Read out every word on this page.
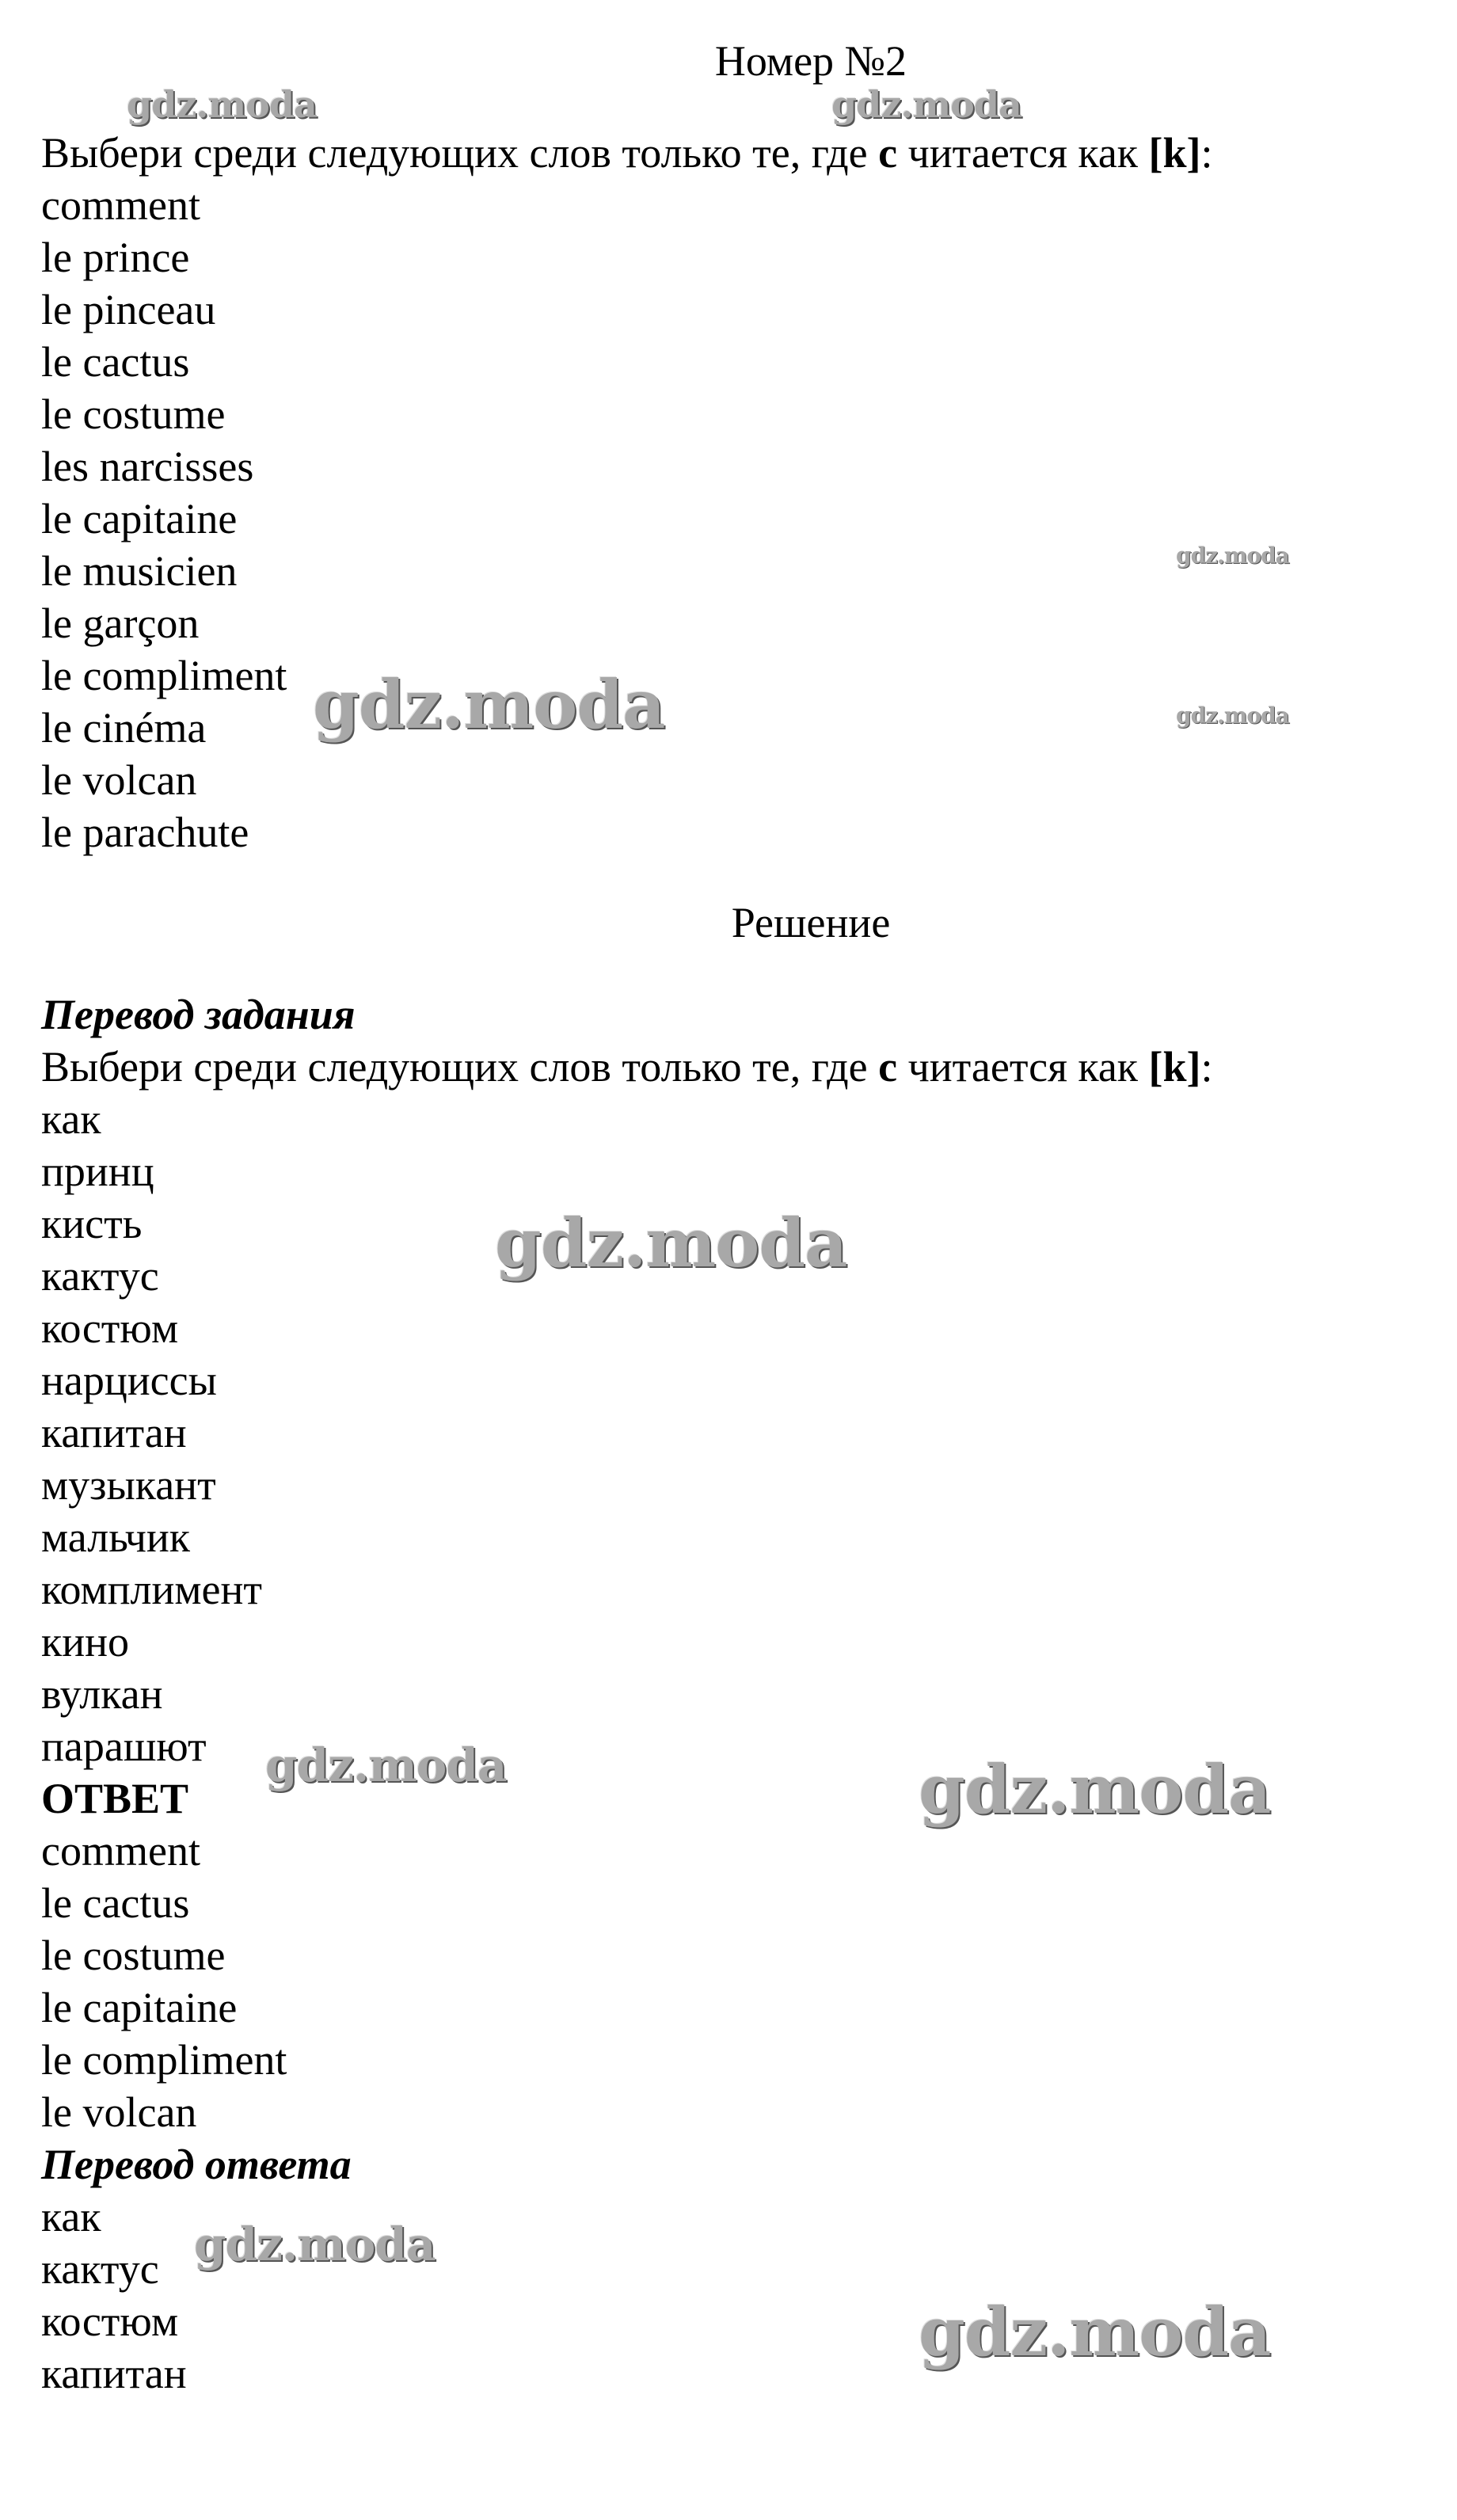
Номер №2
Выбери среди следующих слов только те, где c читается как [k]:
comment
le prince
le pinceau
le cactus
le costume
les narcisses
le capitaine
le musicien
le garçon
le compliment
le cinéma
le volcan
le parachute
Решение
Перевод задания
Выбери среди следующих слов только те, где c читается как [k]:
как
принц
кисть
кактус
костюм
нарциссы
капитан
музыкант
мальчик
комплимент
кино
вулкан
парашют
ОТВЕТ
comment
le cactus
le costume
le capitaine
le compliment
le volcan
Перевод ответа
как
кактус
костюм
капитан
gdz.moda	gdz.moda
gdz.moda
gdz.moda	gdz.moda
gdz.moda
gdz.moda	gdz.moda
gdz.moda
gdz.moda
